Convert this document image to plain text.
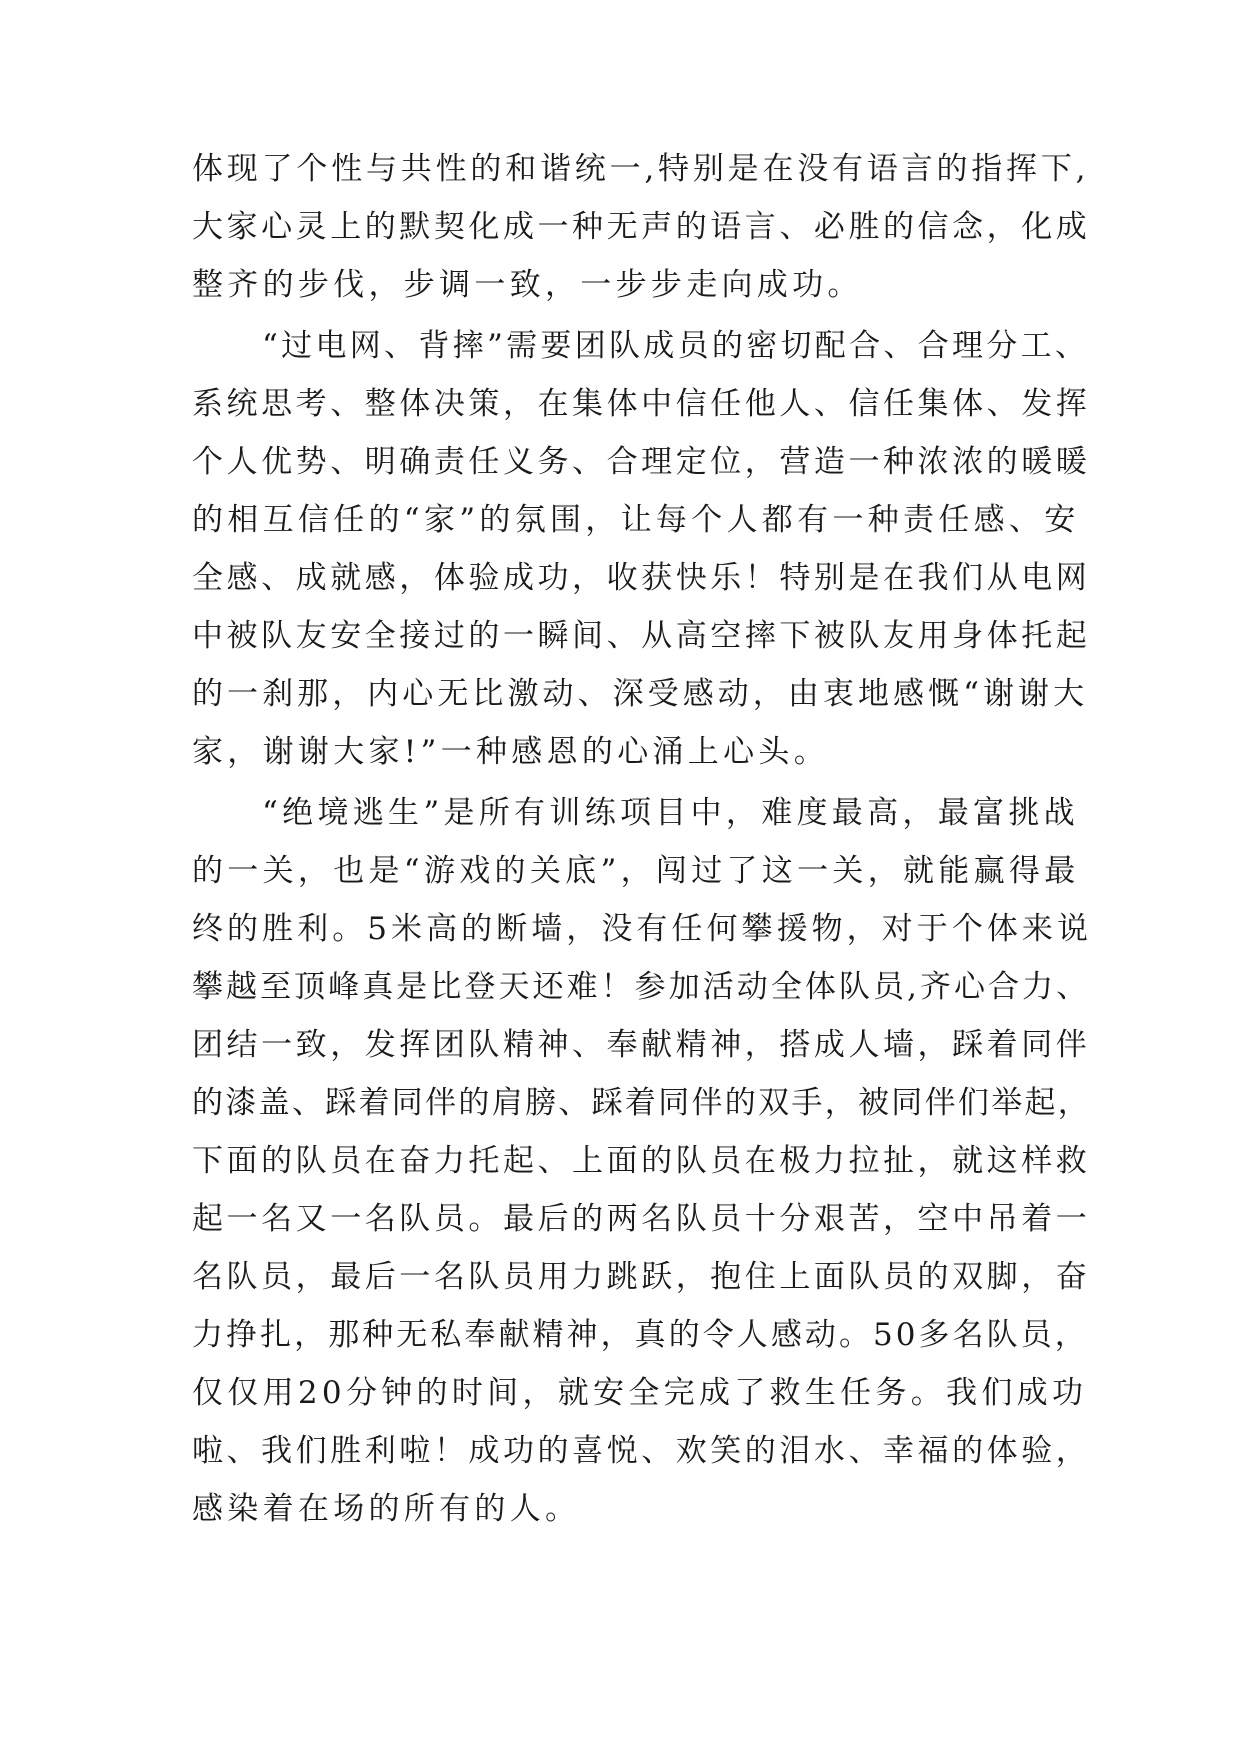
体现了个性与共性的和谐统一,特别是在没有语言的指挥下,

大家心灵上的默契化成一种无声的语言、必胜的信念，化成

整齐的步伐，步调一致，一步步走向成功。

“过电网、背摔”需要团队成员的密切配合、合理分工、

系统思考、整体决策，在集体中信任他人、信任集体、发挥

个人优势、明确责任义务、合理定位，营造一种浓浓的暖暖

的相互信任的“家”的氛围，让每个人都有一种责任感、安

全感、成就感，体验成功，收获快乐！特别是在我们从电网

中被队友安全接过的一瞬间、从高空摔下被队友用身体托起

的一刹那，内心无比激动、深受感动，由衷地感慨“谢谢大

家，谢谢大家!”一种感恩的心涌上心头。

“绝境逃生”是所有训练项目中，难度最高，最富挑战

的一关，也是“游戏的关底”，闯过了这一关，就能赢得最

终的胜利。5米高的断墙，没有任何攀援物，对于个体来说

攀越至顶峰真是比登天还难！参加活动全体队员,齐心合力、

团结一致，发挥团队精神、奉献精神，搭成人墙，踩着同伴

的漆盖、踩着同伴的肩膀、踩着同伴的双手，被同伴们举起，

下面的队员在奋力托起、上面的队员在极力拉扯，就这样救

起一名又一名队员。最后的两名队员十分艰苦，空中吊着一

名队员，最后一名队员用力跳跃，抱住上面队员的双脚，奋

力挣扎，那种无私奉献精神，真的令人感动。50多名队员，

仅仅用20分钟的时间，就安全完成了救生任务。我们成功

啦、我们胜利啦！成功的喜悦、欢笑的泪水、幸福的体验，

感染着在场的所有的人。
